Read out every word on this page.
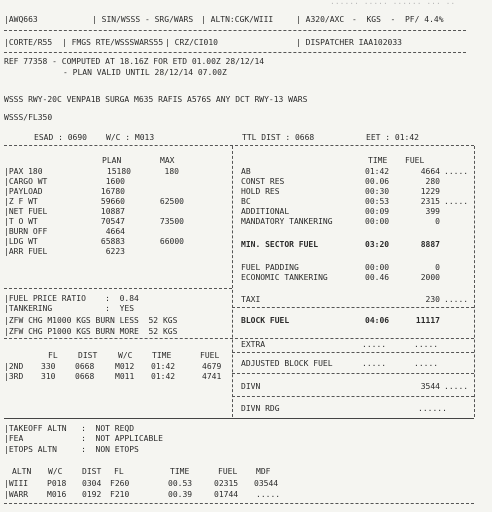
...... ..... ...... ... ..
|AWQ663	| SIN/WSSS - SRG/WARS | ALTN:CGK/WIII	| A320/AXC -  KGS  -  PF/ 4.4%
|CORTE/R55 | FMGS RTE/WSSSWARS55 | CRZ/CI010	| DISPATCHER IAA102033
REF 77358 - COMPUTED AT 18.16Z FOR ETD 01.00Z 28/12/14
- PLAN VALID UNTIL 28/12/14 07.00Z
WSSS RWY-20C VENPA1B SURGA M635 RAFIS A576S ANY DCT RWY-13 WARS
WSSS/FL350
ESAD : 0690 W/C : M013	TTL DIST : 0668	EET : 01:42
PLAN	MAX
|PAX 180	15180	180
|CARGO WT	1600
|PAYLOAD	16780
|Z F WT	59660	62500
|NET FUEL	10887
|T O WT	70547	73500
|BURN OFF	4664
|LDG WT	65883	66000
|ARR FUEL	6223
TIME FUEL
AB	01:42	4664 .....
CONST RES	00.06	280
HOLD RES	00:30	1229
BC	00:53	2315 .....
ADDITIONAL	00:09	399
MANDATORY TANKERING	00:00	0
MIN. SECTOR FUEL	03:20	8887
FUEL PADDING	00:00	0
ECONOMIC TANKERING	00.46	2000
|FUEL PRICE RATIO    :  0.84
|TANKERING           :  YES
|ZFW CHG M1000 KGS BURN LESS  52 KGS
|ZFW CHG P1000 KGS BURN MORE  52 KGS
TAXI	230 .....
BLOCK FUEL	04:06	11117
EXTRA	.....	.....
FL	DIST	W/C TIME	FUEL
|2ND 330 0668	M012 01:42	4679
|3RD 310 0668	M011 01:42	4741
ADJUSTED BLOCK FUEL	.....	.....
DIVN	3544 .....
DIVN RDG	......
|TAKEOFF ALTN   :  NOT REQD
|FEA            :  NOT APPLICABLE
|ETOPS ALTN     :  NON ETOPS
ALTN W/C DIST FL	TIME	FUEL MDF
|WIII P018 0304 F260	00.53	02315 03544
|WARR M016 0192 F210	00.39	01744 .....
